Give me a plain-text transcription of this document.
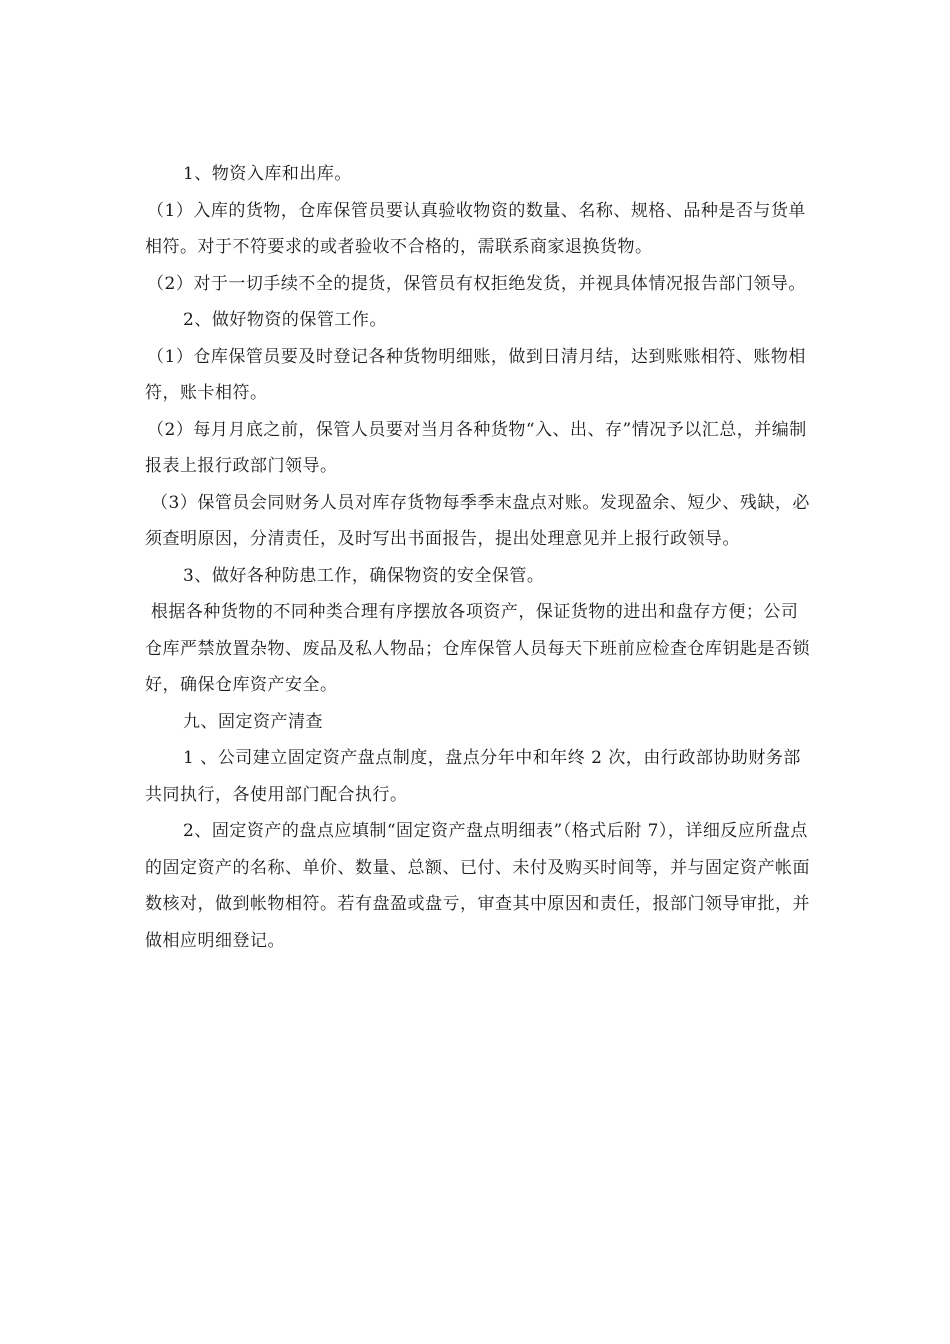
1、物资入库和出库。

（1）入库的货物，仓库保管员要认真验收物资的数量、名称、规格、品种是否与货单相符。对于不符要求的或者验收不合格的，需联系商家退换货物。

（2）对于一切手续不全的提货，保管员有权拒绝发货，并视具体情况报告部门领导。

2、做好物资的保管工作。

（1）仓库保管员要及时登记各种货物明细账，做到日清月结，达到账账相符、账物相符，账卡相符。

（2）每月月底之前，保管人员要对当月各种货物“入、出、存”情况予以汇总，并编制报表上报行政部门领导。

（3）保管员会同财务人员对库存货物每季季末盘点对账。发现盈余、短少、残缺，必须查明原因，分清责任，及时写出书面报告，提出处理意见并上报行政领导。

3、做好各种防患工作，确保物资的安全保管。

根据各种货物的不同种类合理有序摆放各项资产，保证货物的进出和盘存方便；公司仓库严禁放置杂物、废品及私人物品；仓库保管人员每天下班前应检查仓库钥匙是否锁好，确保仓库资产安全。

九、固定资产清查

1 、公司建立固定资产盘点制度，盘点分年中和年终 2 次，由行政部协助财务部共同执行，各使用部门配合执行。

2、固定资产的盘点应填制“固定资产盘点明细表”（格式后附 7），详细反应所盘点的固定资产的名称、单价、数量、总额、已付、未付及购买时间等，并与固定资产帐面数核对，做到帐物相符。若有盘盈或盘亏，审查其中原因和责任，报部门领导审批，并做相应明细登记。
